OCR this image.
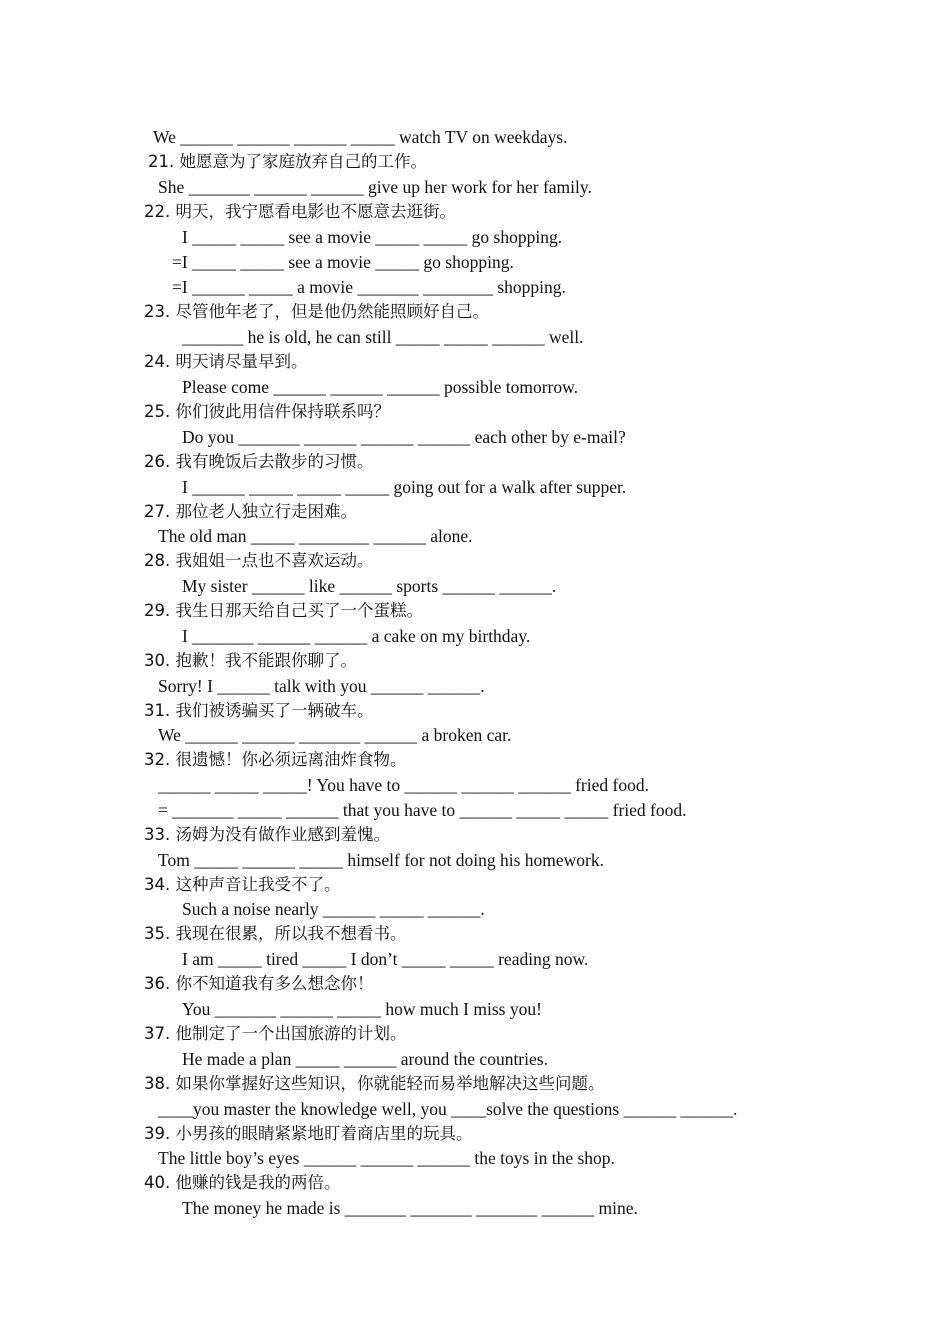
We ______ ______ ______ _____ watch TV on weekdays.
21. 她愿意为了家庭放弃自己的工作。
She _______ ______ ______ give up her work for her family.
22. 明天，我宁愿看电影也不愿意去逛街。
I _____ _____ see a movie _____ _____ go shopping.
=I _____ _____ see a movie _____ go shopping.
=I ______ _____ a movie _______ ________ shopping.
23. 尽管他年老了，但是他仍然能照顾好自己。
_______ he is old, he can still _____ _____ ______ well.
24. 明天请尽量早到。
Please come ______ ______ ______ possible tomorrow.
25. 你们彼此用信件保持联系吗？
Do you _______ ______ ______ ______ each other by e-mail?
26. 我有晚饭后去散步的习惯。
I ______ _____ _____ _____ going out for a walk after supper.
27. 那位老人独立行走困难。
The old man _____ ________ ______ alone.
28. 我姐姐一点也不喜欢运动。
My sister ______ like ______ sports ______ ______.
29. 我生日那天给自己买了一个蛋糕。
I _______ ______ ______ a cake on my birthday.
30. 抱歉！我不能跟你聊了。
Sorry! I ______ talk with you ______ ______.
31. 我们被诱骗买了一辆破车。
We ______ ______ _______ ______ a broken car.
32. 很遗憾！你必须远离油炸食物。
______ _____ _____! You have to ______ ______ ______ fried food.
= _______ _____ ______ that you have to ______ _____ _____ fried food.
33. 汤姆为没有做作业感到羞愧。
Tom _____ ______ _____ himself for not doing his homework.
34. 这种声音让我受不了。
Such a noise nearly ______ _____ ______.
35. 我现在很累，所以我不想看书。
I am _____ tired _____ I don’t _____ _____ reading now.
36. 你不知道我有多么想念你！
You _______ ______ _____ how much I miss you!
37. 他制定了一个出国旅游的计划。
He made a plan _____ ______ around the countries.
38. 如果你掌握好这些知识，你就能轻而易举地解决这些问题。
____you master the knowledge well, you ____solve the questions ______ ______.
39. 小男孩的眼睛紧紧地盯着商店里的玩具。
The little boy’s eyes ______ ______ ______ the toys in the shop.
40. 他赚的钱是我的两倍。
The money he made is _______ _______ _______ ______ mine.
